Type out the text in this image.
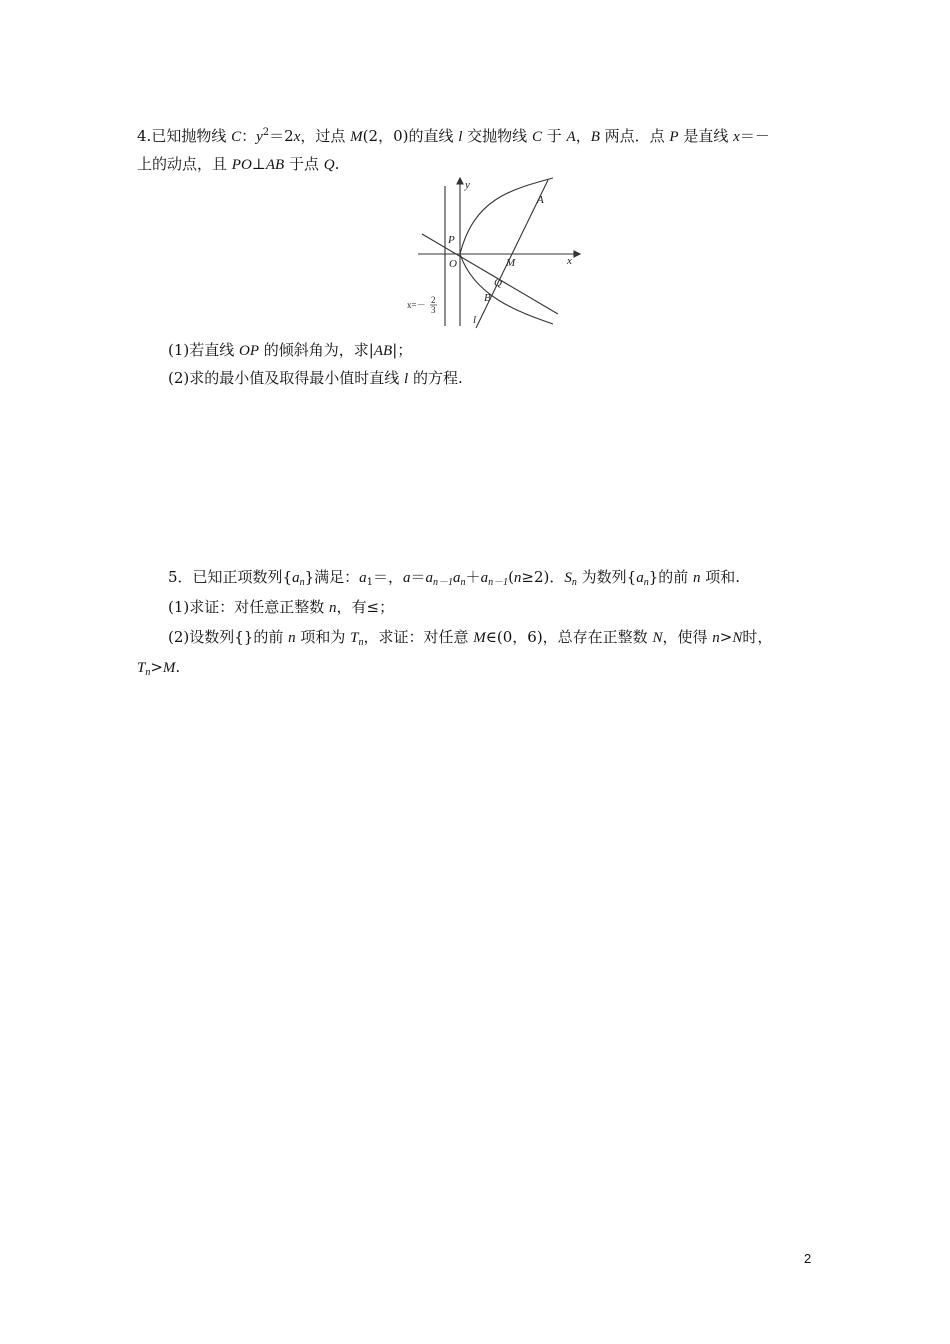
4.已知抛物线 C：$y^2=2x$，过点 M(2，0)的直线 l 交抛物线 C 于 A，B 两点．点 P 是直线 x＝－
上的动点，且 PO⊥AB 于点 Q.
y
x
A
P
O	M
Q
B
l
x=－ 2
3
(1)若直线 OP 的倾斜角为，求|AB|；
(2)求的最小值及取得最小值时直线 l 的方程.
5．已知正项数列$\{a_n\}$满足：$a_1=$，$a=a_{n-1}a_n+a_{n-1}(n\ge 2)$．$S_n$ 为数列$\{a_n\}$的前 n 项和.
(1)求证：对任意正整数 n，有≤；
(2)设数列{}的前 n 项和为 $T_n$，求证：对任意 M∈(0，6)，总存在正整数 N，使得 n>N时，
$T_n>M$.
2
